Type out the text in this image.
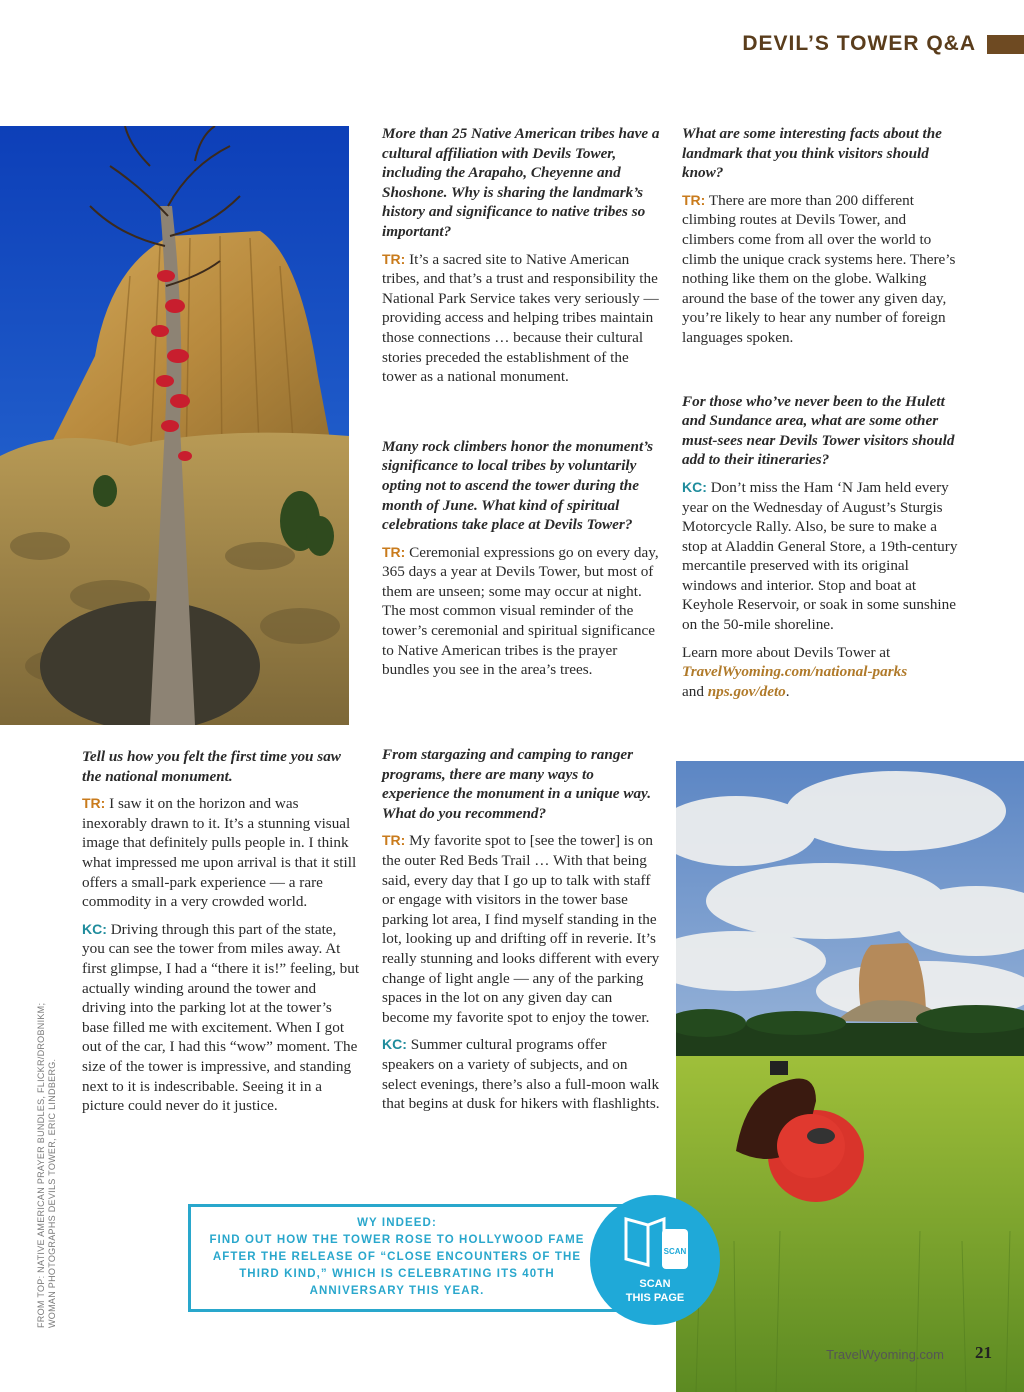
DEVIL’S TOWER Q&A

More than 25 Native American tribes have a cultural affiliation with Devils Tower, including the Arapaho, Cheyenne and Shoshone. Why is sharing the landmark’s history and significance to native tribes so important?

TR: It’s a sacred site to Native American tribes, and that’s a trust and responsibility the National Park Service takes very seriously — providing access and helping tribes maintain those connections … because their cultural stories preceded the establishment of the tower as a national monument.

Many rock climbers honor the monument’s significance to local tribes by voluntarily opting not to ascend the tower during the month of June. What kind of spiritual celebrations take place at Devils Tower?

TR: Ceremonial expressions go on every day, 365 days a year at Devils Tower, but most of them are unseen; some may occur at night. The most common visual reminder of the tower’s ceremonial and spiritual significance to Native American tribes is the prayer bundles you see in the area’s trees.

What are some interesting facts about the landmark that you think visitors should know?

TR: There are more than 200 different climbing routes at Devils Tower, and climbers come from all over the world to climb the unique crack systems here. There’s nothing like them on the globe. Walking around the base of the tower any given day, you’re likely to hear any number of foreign languages spoken.

For those who’ve never been to the Hulett and Sundance area, what are some other must-sees near Devils Tower visitors should add to their itineraries?

KC: Don’t miss the Ham ‘N Jam held every year on the Wednesday of August’s Sturgis Motorcycle Rally. Also, be sure to make a stop at Aladdin General Store, a 19th-century mercantile preserved with its original windows and interior. Stop and boat at Keyhole Reservoir, or soak in some sunshine on the 50-mile shoreline.

Learn more about Devils Tower at
TravelWyoming.com/national-parks
and nps.gov/deto.

Tell us how you felt the first time you saw the national monument.

TR: I saw it on the horizon and was inexorably drawn to it. It’s a stunning visual image that definitely pulls people in. I think what impressed me upon arrival is that it still offers a small-park experience — a rare commodity in a very crowded world.

KC: Driving through this part of the state, you can see the tower from miles away. At first glimpse, I had a “there it is!” feeling, but actually winding around the tower and driving into the parking lot at the tower’s base filled me with excitement. When I got out of the car, I had this “wow” moment. The size of the tower is impressive, and standing next to it is indescribable. Seeing it in a picture could never do it justice.

From stargazing and camping to ranger programs, there are many ways to experience the monument in a unique way. What do you recommend?

TR: My favorite spot to [see the tower] is on the outer Red Beds Trail … With that being said, every day that I go up to talk with staff or engage with visitors in the tower base parking lot area, I find myself standing in the lot, looking up and drifting off in reverie. It’s really stunning and looks different with every change of light angle — any of the parking spaces in the lot on any given day can become my favorite spot to enjoy the tower.

KC: Summer cultural programs offer speakers on a variety of subjects, and on select evenings, there’s also a full-moon walk that begins at dusk for hikers with flashlights.

FROM TOP: NATIVE AMERICAN PRAYER BUNDLES, FLICKR/DROBNIKM; WOMAN PHOTOGRAPHS DEVILS TOWER, ERIC LINDBERG.	WY INDEED:
FIND OUT HOW THE TOWER ROSE TO HOLLYWOOD FAME AFTER THE RELEASE OF “CLOSE ENCOUNTERS OF THE THIRD KIND,” WHICH IS CELEBRATING ITS 40TH ANNIVERSARY THIS YEAR.
SCAN
SCAN
THIS PAGE
TravelWyoming.com 21
